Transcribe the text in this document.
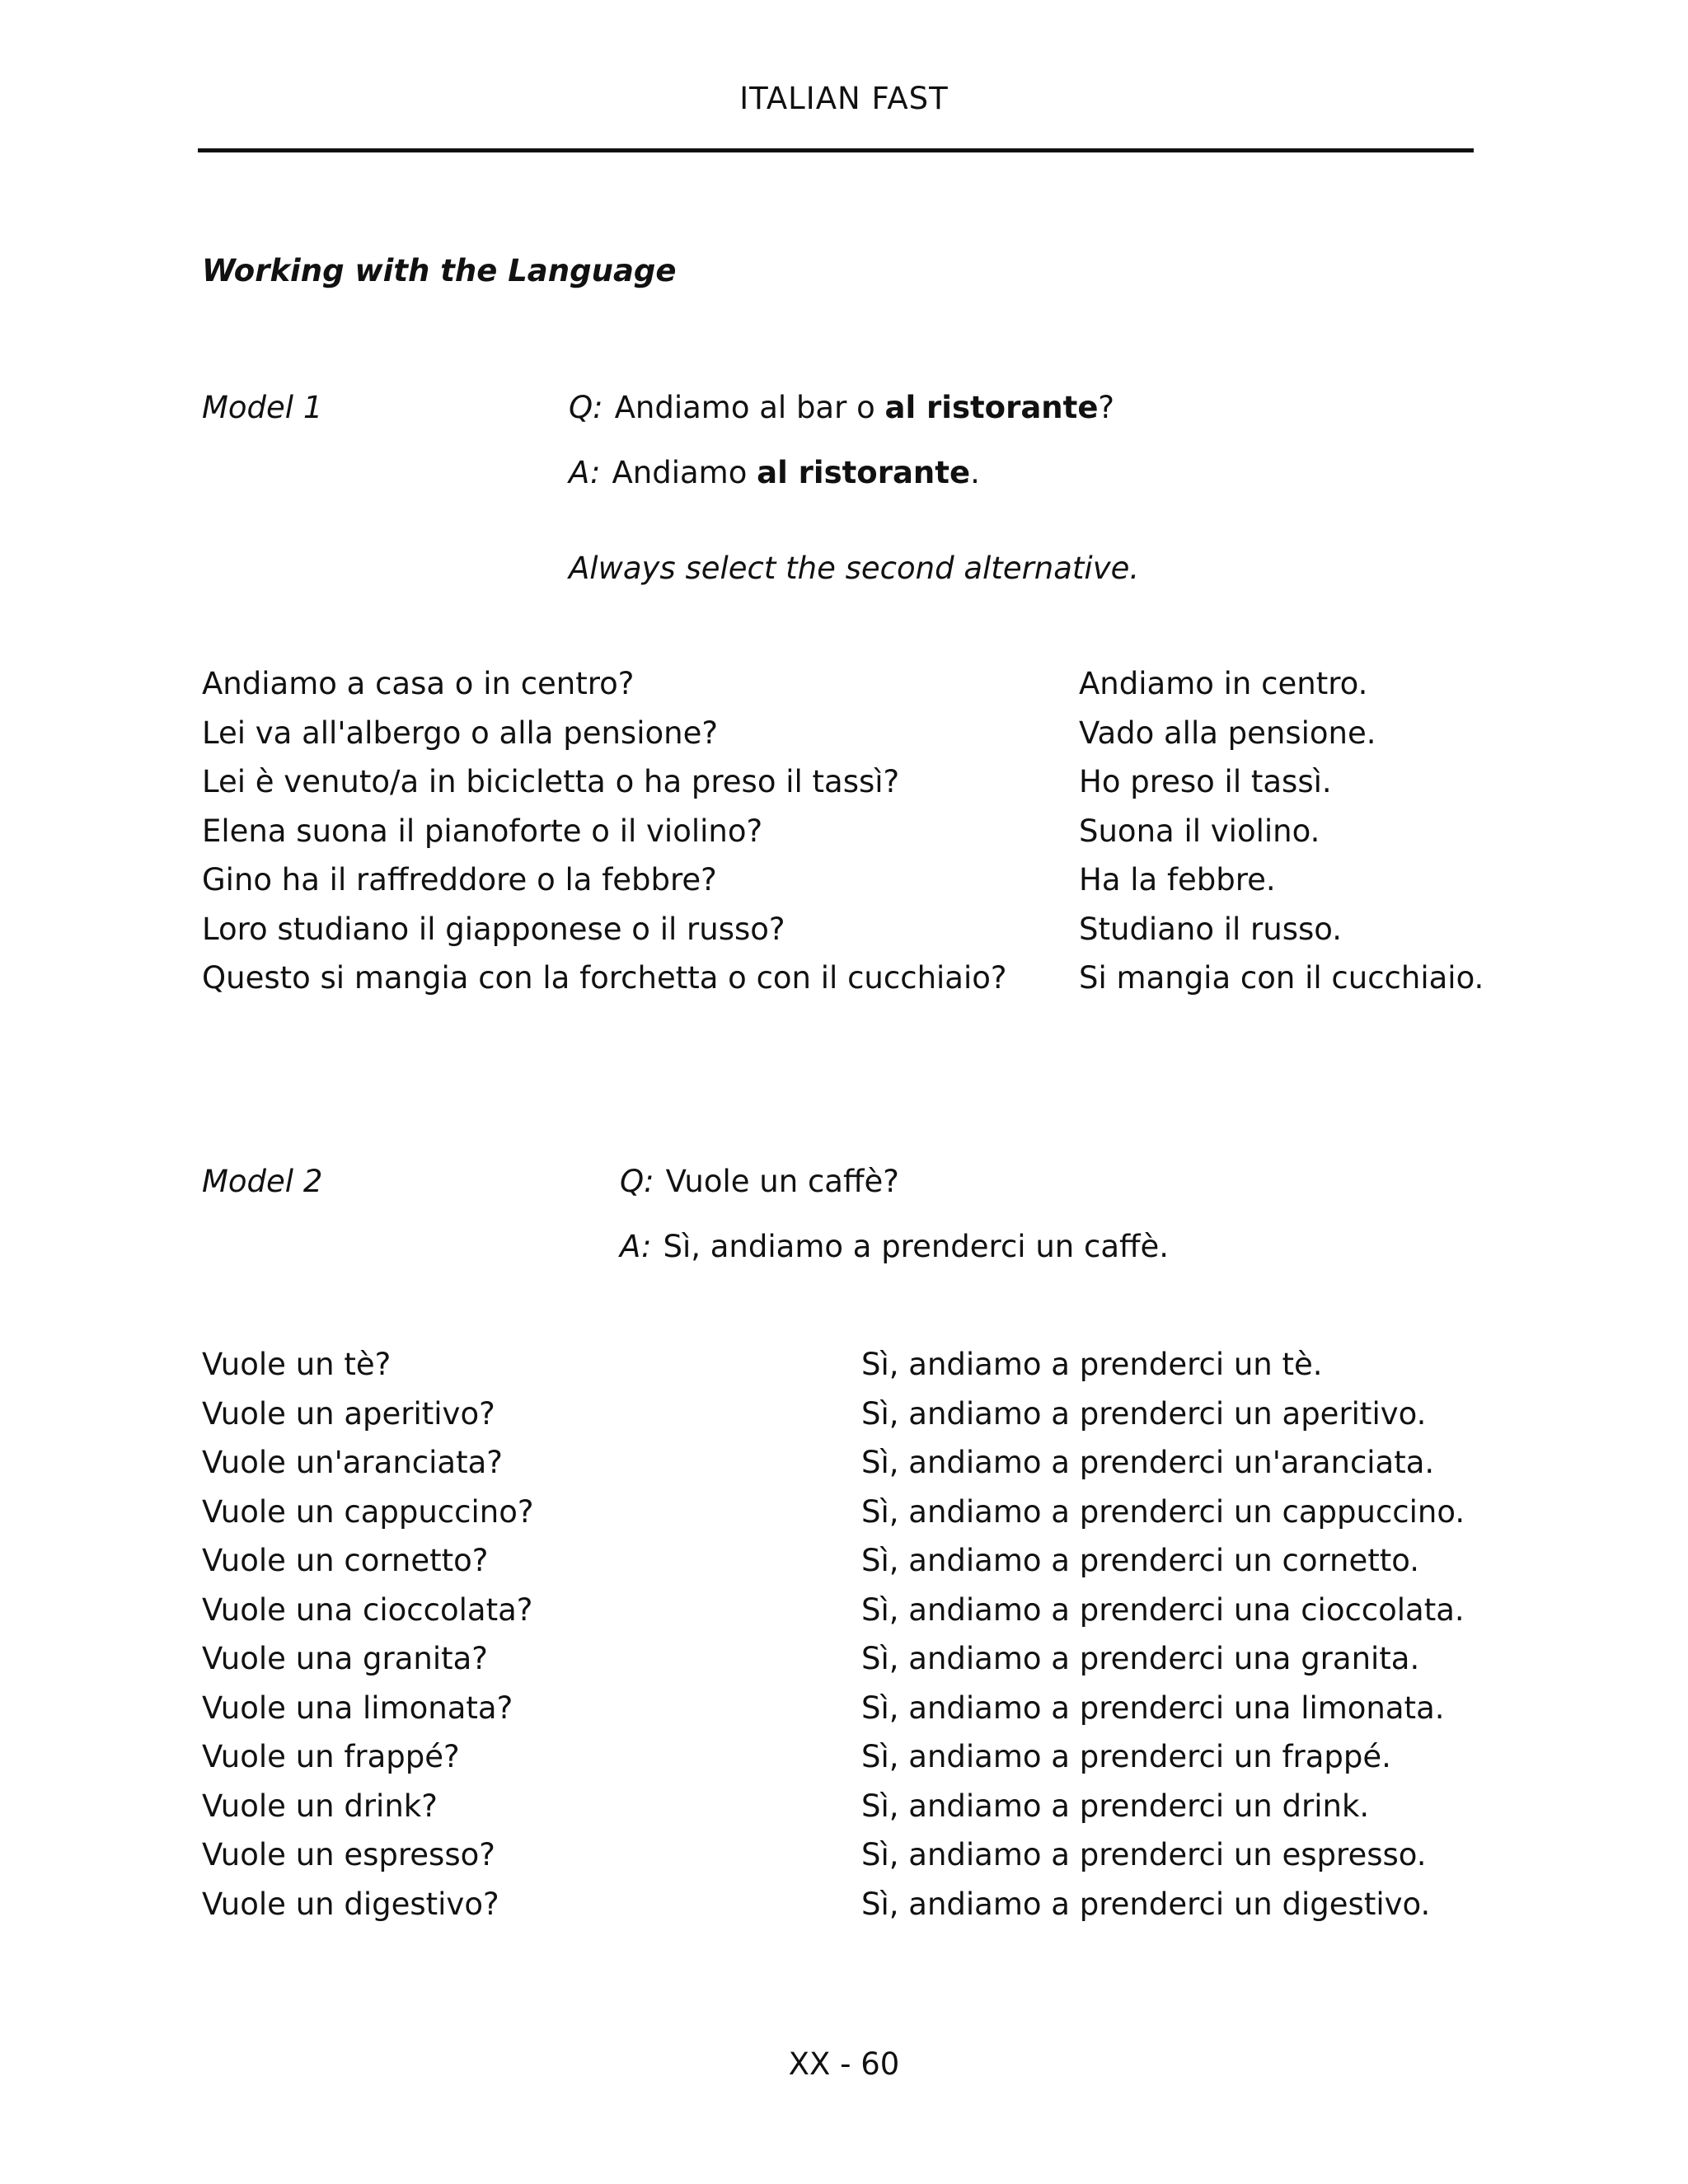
ITALIAN FAST
Working with the Language
Model 1	Q: Andiamo al bar o al ristorante?
A: Andiamo al ristorante.
Always select the second alternative.
Andiamo a casa o in centro?	Andiamo in centro.
Lei va all'albergo o alla pensione?	Vado alla pensione.
Lei è venuto/a in bicicletta o ha preso il tassì?	Ho preso il tassì.
Elena suona il pianoforte o il violino?	Suona il violino.
Gino ha il raffreddore o la febbre?	Ha la febbre.
Loro studiano il giapponese o il russo?	Studiano il russo.
Questo si mangia con la forchetta o con il cucchiaio? Si mangia con il cucchiaio.
Model 2	Q: Vuole un caffè?
A: Sì, andiamo a prenderci un caffè.
Vuole un tè?	Sì, andiamo a prenderci un tè.
Vuole un aperitivo?	Sì, andiamo a prenderci un aperitivo.
Vuole un'aranciata?	Sì, andiamo a prenderci un'aranciata.
Vuole un cappuccino?	Sì, andiamo a prenderci un cappuccino.
Vuole un cornetto?	Sì, andiamo a prenderci un cornetto.
Vuole una cioccolata?	Sì, andiamo a prenderci una cioccolata.
Vuole una granita?	Sì, andiamo a prenderci una granita.
Vuole una limonata?	Sì, andiamo a prenderci una limonata.
Vuole un frappé?	Sì, andiamo a prenderci un frappé.
Vuole un drink?	Sì, andiamo a prenderci un drink.
Vuole un espresso?	Sì, andiamo a prenderci un espresso.
Vuole un digestivo?	Sì, andiamo a prenderci un digestivo.
XX - 60
